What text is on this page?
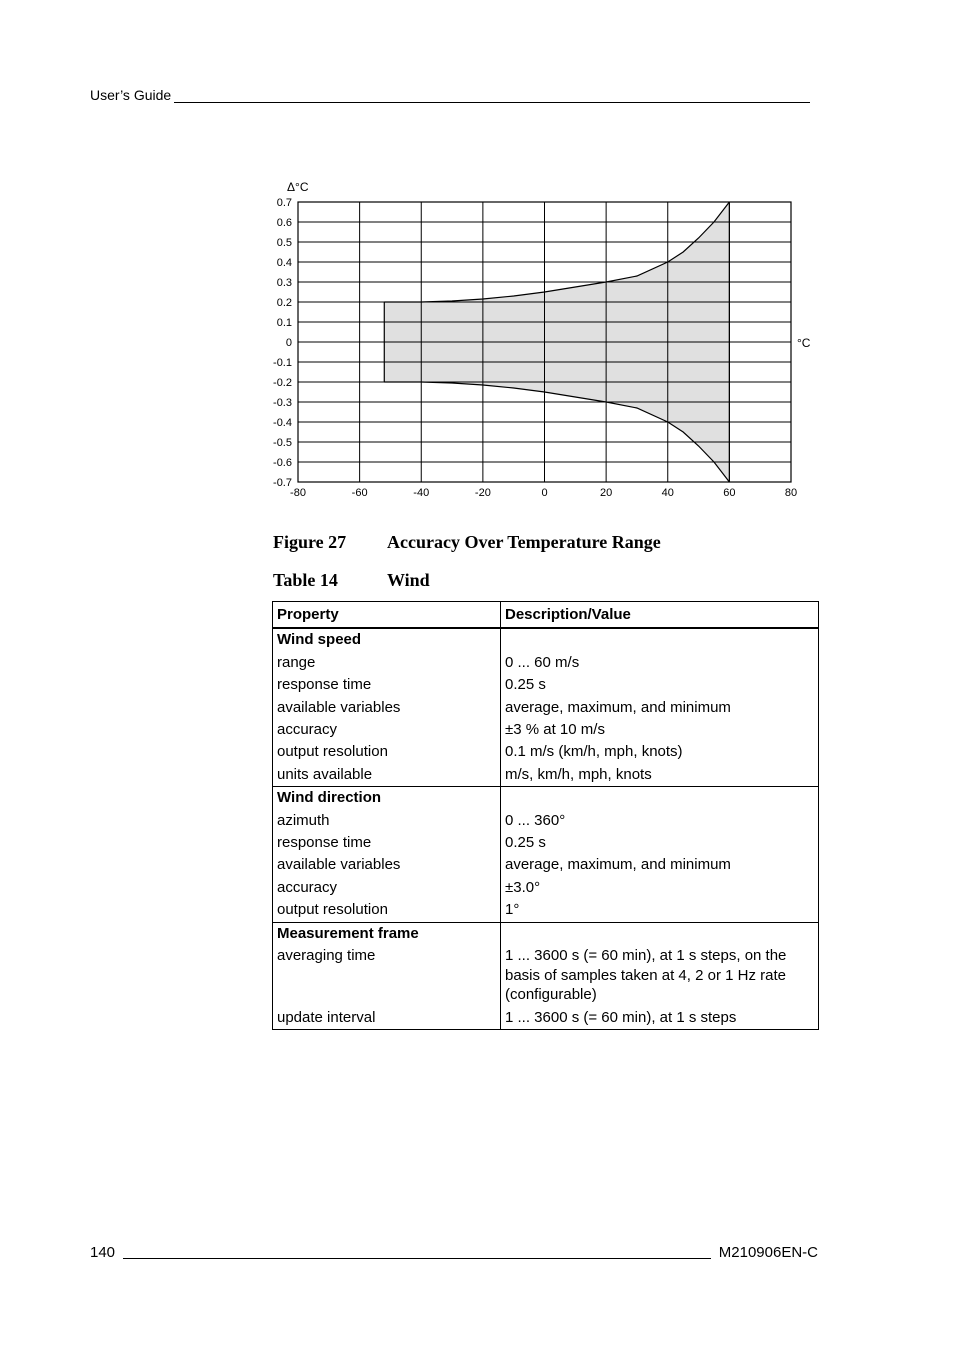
User’s Guide
0.7
0.6
0.5
0.4
0.3
0.2
0.1
0
-0.1
-0.2
-0.3
-0.4
-0.5
-0.6
-0.7
-80	-60	-40	-20	0	20	40	60	80
Δ°C
°C
Figure 27 Accuracy Over Temperature Range
Table 14	Wind
Property	Description/Value
Wind speed	
range	0 ... 60 m/s
response time	0.25 s
available variables	average, maximum, and minimum
accuracy	±3 % at 10 m/s
output resolution	0.1 m/s (km/h, mph, knots)
units available	m/s, km/h, mph, knots
Wind direction	
azimuth	0 ... 360°
response time	0.25 s
available variables	average, maximum, and minimum
accuracy	±3.0°
output resolution	1°
Measurement frame	
averaging time	1 ... 3600 s (= 60 min), at 1 s steps, on the basis of samples taken at 4, 2 or 1 Hz rate (configurable)
update interval	1 ... 3600 s (= 60 min), at 1 s steps
140	M210906EN-C
